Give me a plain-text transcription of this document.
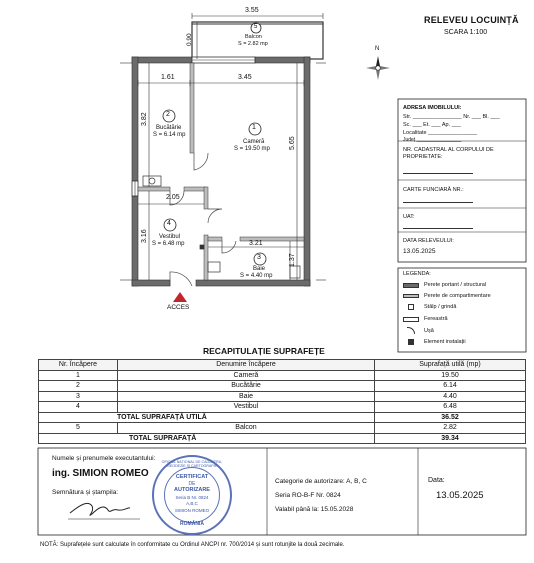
3.55
0.90
1.61	3.45
3.82
5.65
2.05
3.16
3.21
1.37
1
Cameră
S = 19.50 mp
2
Bucătărie
S = 6.14 mp
3
Baie
S = 4.40 mp
4
Vestibul
S = 6.48 mp
5
Balcon
S = 2.82 mp
ACCES
RELEVEU LOCUINȚĂ
SCARA 1:100
N
ADRESA IMOBILULUI:
Str. ________________ Nr. ___ Bl. ___
Sc. ___ Et. ___ Ap. ___
Localitate ________________
Județ ________________
NR. CADASTRAL AL CORPULUI DE PROPRIETATE:
CARTE FUNCIARĂ NR.:
UAT:
DATA RELEVEULUI:
13.05.2025
LEGENDA:
Perete portant / structural
Perete de compartimentare
Stâlp / grindă
Fereastră
Ușă
Element instalații
RECAPITULAȚIE SUPRAFEȚE
Nr. Încăpere	Denumire încăpere	Suprafață utilă (mp)
1	Cameră	19.50
2	Bucătărie	6.14
3	Baie	4.40
4	Vestibul	6.48
TOTAL SUPRAFAȚĂ UTILĂ		36.52
5	Balcon	2.82
TOTAL SUPRAFAȚĂ		39.34
Numele și prenumele executantului:
ing. SIMION ROMEO
Semnătura și ștampila:
OFICIUL NAȚIONAL DE CADASTRU, GEODEZIE ȘI CARTOGRAFIE
CERTIFICAT
DE
AUTORIZARE
Seria B Nr. 0824
A,B,C
SIMION ROMEO
ROMÂNIA
Categorie de autorizare: A, B, C
Seria RO-B-F Nr. 0824
Valabil până la: 15.05.2028
Data:
13.05.2025
NOTĂ: Suprafețele sunt calculate în conformitate cu Ordinul ANCPI nr. 700/2014 și sunt rotunjite la două zecimale.
